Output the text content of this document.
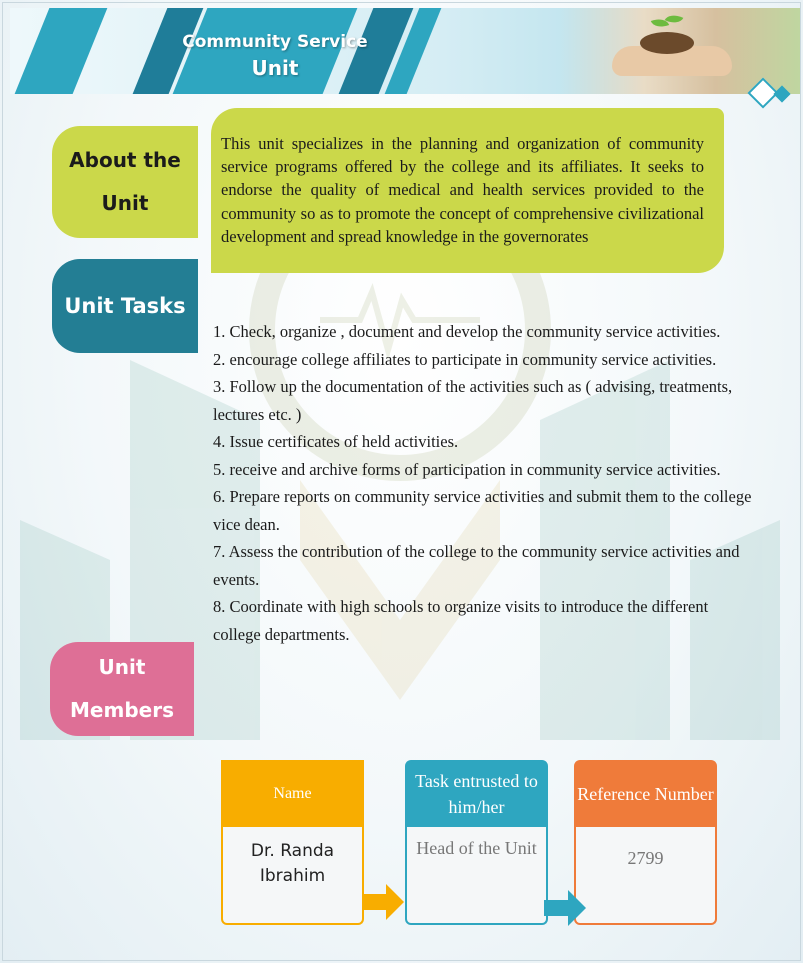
Community Service
Unit
About the Unit

This unit specializes in the planning and organization of community service programs offered by the college and its affiliates. It seeks to endorse the quality of medical and health services provided to the community so as to promote the concept of comprehensive civilizational development and spread knowledge in the governorates

Unit Tasks
1. Check, organize , document and develop the community service activities.
2. encourage college affiliates to participate in community service activities.
3. Follow up the documentation of the activities such as ( advising, treatments, lectures etc. )
4. Issue certificates of held activities.
5. receive and archive forms of participation in community service activities.
6. Prepare reports on community service activities and submit them to the college vice dean.
7. Assess the contribution of the college to the community service activities and events.
8. Coordinate with high schools to organize visits to introduce the different college departments.
Unit Members
Name
Dr. Randa Ibrahim
Task entrusted to him/her
Head of the Unit
Reference Number
2799
